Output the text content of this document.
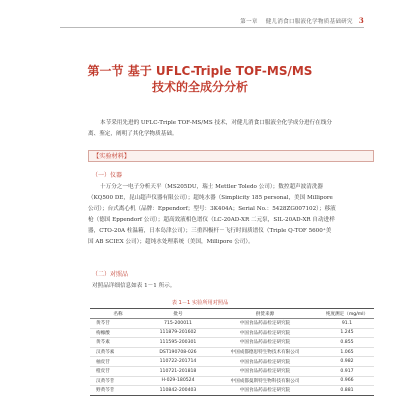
第一章 健儿消食口服液化学物质基础研究 3
第一节 基于 UFLC-Triple TOF-MS/MS
技术的全成分分析

本节采用先进的 UFLC-Triple TOF-MS/MS 技术，对健儿消食口服液全化学成分进行在线分离、鉴定，阐明了其化学物质基础。

【实验材料】
（一）仪器

十万分之一电子分析天平（MS205DU，瑞士 Mettler Toledo 公司）；数控超声波清洗器（KQ500 DE，昆山超声仪器有限公司）；超纯水器（Simplicity 185 personal，美国 Millipore 公司）；台式离心机（品牌：Eppendorf；型号：3K404A；Serial No.：5428ZG007102）；移液枪（德国 Eppendorf 公司）；超高效液相色谱仪（LC-20AD-XR 二元泵，SIL-20AD-XR 自动进样器，CTO-20A 柱温箱，日本岛津公司）；三重四极杆－飞行时间质谱仪（Triple Q-TOF 5600⁺美国 AB SCIEX 公司）；超纯水处理系统（美国，Millipore 公司）。

（二）对照品

对照品详细信息如表 1－1 所示。

表 1－1 实验所用对照品
名称	批号	供货来源	纯度测定（mg/ml）
黄芩苷	715-200011	中国食品药品检定研究院	91.1
枸橼酸	111879-201602	中国食品药品检定研究院	1.245
黄芩素	111595-200301	中国食品药品检定研究院	0.855
汉黄芩素	DST190708-026	中国成都德思特生物技术有限公司	1.065
柚皮苷	110722-201714	中国食品药品检定研究院	0.982
橙皮苷	110721-201818	中国食品药品检定研究院	0.917
汉黄芩苷	H-029-180524	中国成都曼斯特生物科技有限公司	0.966
野黄芩苷	110842-200403	中国食品药品检定研究院	0.881
